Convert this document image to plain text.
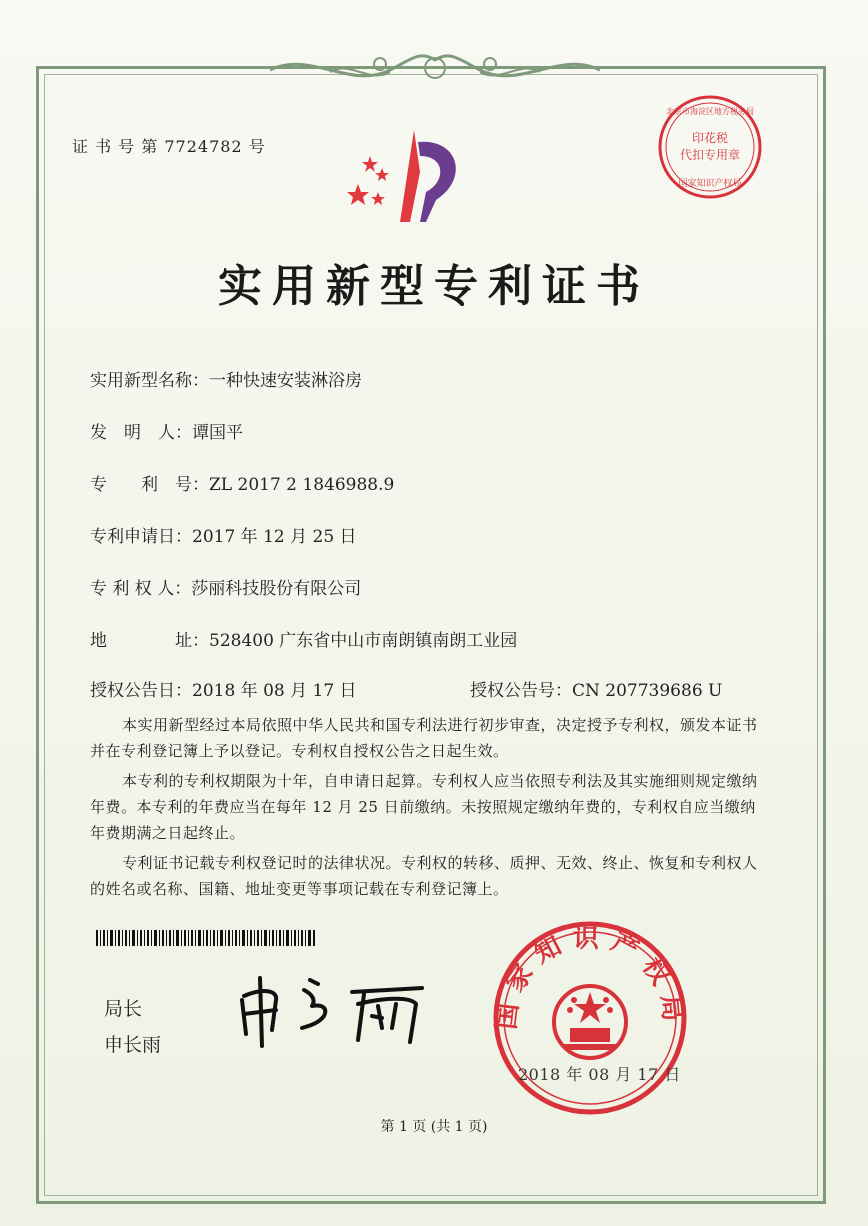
证 书 号 第 7724782 号	印花税
代扣专用章
北京市海淀区地方税务局
国家知识产权局
实用新型专利证书
实用新型名称：一种快速安装淋浴房
发　明　人：谭国平
专　　利　号：ZL 2017 2 1846988.9
专利申请日：2017 年 12 月 25 日
专 利 权 人：莎丽科技股份有限公司
地　　　　址：528400 广东省中山市南朗镇南朗工业园
授权公告日：2018 年 08 月 17 日	授权公告号：CN 207739686 U

本实用新型经过本局依照中华人民共和国专利法进行初步审查，决定授予专利权，颁发本证书并在专利登记簿上予以登记。专利权自授权公告之日起生效。

本专利的专利权期限为十年，自申请日起算。专利权人应当依照专利法及其实施细则规定缴纳年费。本专利的年费应当在每年 12 月 25 日前缴纳。未按照规定缴纳年费的，专利权自应当缴纳年费期满之日起终止。

专利证书记载专利权登记时的法律状况。专利权的转移、质押、无效、终止、恢复和专利权人的姓名或名称、国籍、地址变更等事项记载在专利登记簿上。

局长
申长雨
国家知识产权局
2018 年 08 月 17 日
第 1 页 (共 1 页)
